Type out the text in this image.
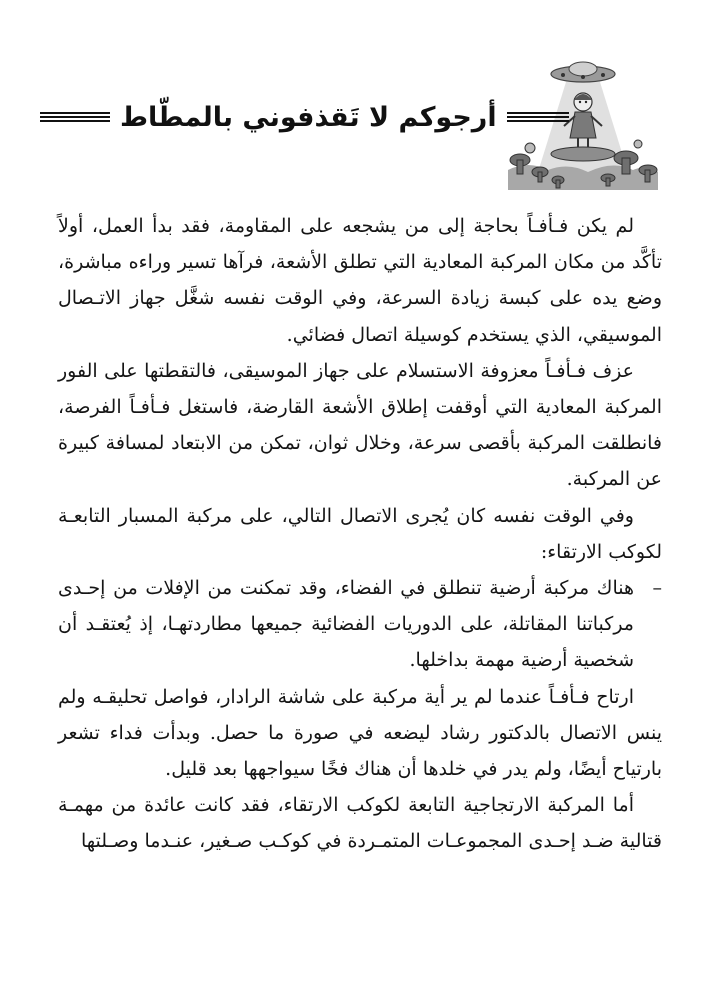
أرجوكم لا تَقذفوني بالمطّاط

لم يكن فـأفـاً بحاجة إلى من يشجعه على المقاومة، فقد بدأ العمل، أولاً تأكَّد من مكان المركبة المعادية التي تطلق الأشعة، فرآها تسير وراءه مباشرة، وضع يده على كبسة زيادة السرعة، وفي الوقت نفسه شغَّل جهاز الاتـصال الموسيقي، الذي يستخدم كوسيلة اتصال فضائي.

عزف فـأفـاً معزوفة الاستسلام على جهاز الموسيقى، فالتقطتها على الفور المركبة المعادية التي أوقفت إطلاق الأشعة القارضة، فاستغل فـأفـاً الفرصة، فانطلقت المركبة بأقصى سرعة، وخلال ثوان، تمكن من الابتعاد لمسافة كبيرة عن المركبة.

وفي الوقت نفسه كان يُجرى الاتصال التالي، على مركبة المسبار التابعـة لكوكب الارتقاء:

–
هناك مركبة أرضية تنطلق في الفضاء، وقد تمكنت من الإفلات من إحـدى مركباتنا المقاتلة، على الدوريات الفضائية جميعها مطاردتهـا، إذ يُعتقـد أن شخصية أرضية مهمة بداخلها.

ارتاح فـأفـاً عندما لم ير أية مركبة على شاشة الرادار، فواصل تحليقـه ولم ينس الاتصال بالدكتور رشاد ليضعه في صورة ما حصل. وبدأت فداء تشعر بارتياح أيضًا، ولم يدر في خلدها أن هناك فخًا سيواجهها بعد قليل.

أما المركبة الارتجاجية التابعة لكوكب الارتقاء، فقد كانت عائدة من مهمـة قتالية ضـد إحـدى المجموعـات المتمـردة في كوكـب صـغير، عنـدما وصـلتها
